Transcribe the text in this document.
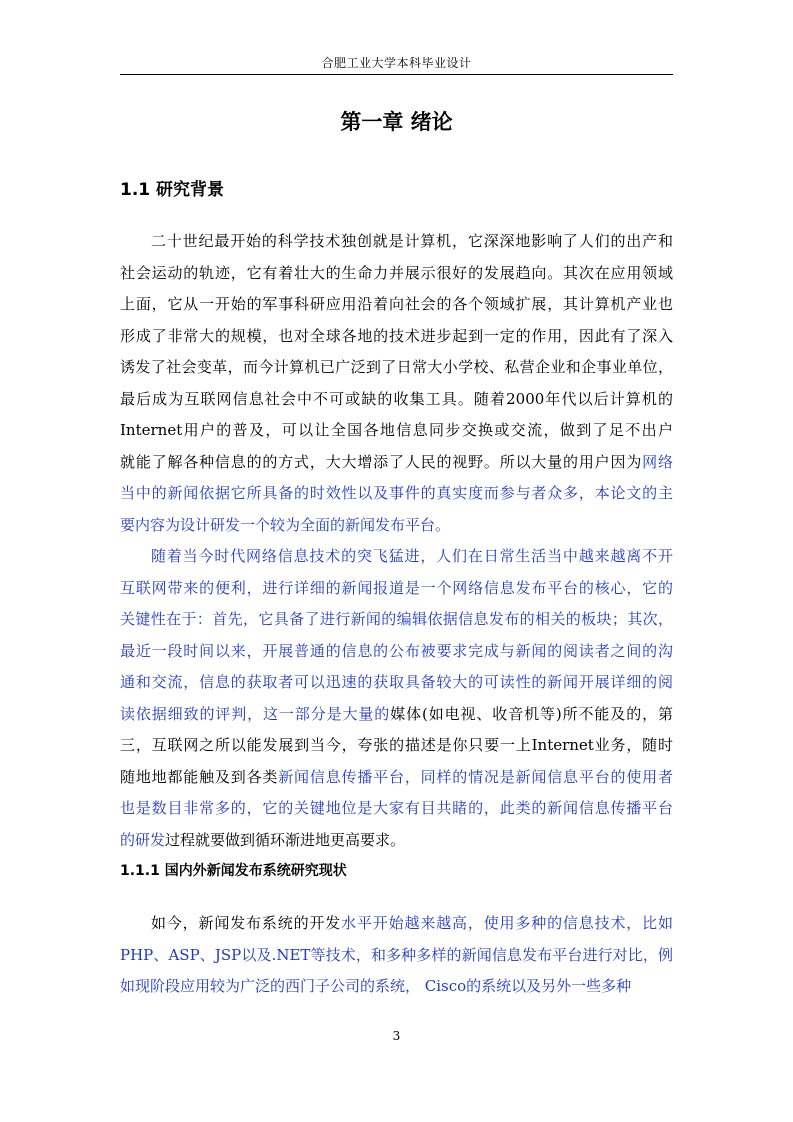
合肥工业大学本科毕业设计
第一章 绪论
1.1 研究背景
二十世纪最开始的科学技术独创就是计算机，它深深地影响了人们的出产和
社会运动的轨迹，它有着壮大的生命力并展示很好的发展趋向。其次在应用领域
上面，它从一开始的军事科研应用沿着向社会的各个领域扩展，其计算机产业也
形成了非常大的规模，也对全球各地的技术进步起到一定的作用，因此有了深入
诱发了社会变革，而今计算机已广泛到了日常大小学校、私营企业和企事业单位，
最后成为互联网信息社会中不可或缺的收集工具。随着2000年代以后计算机的
Internet用户的普及，可以让全国各地信息同步交换或交流，做到了足不出户
就能了解各种信息的的方式，大大增添了人民的视野。所以大量的用户因为网络
当中的新闻依据它所具备的时效性以及事件的真实度而参与者众多，本论文的主
要内容为设计研发一个较为全面的新闻发布平台。
随着当今时代网络信息技术的突飞猛进，人们在日常生活当中越来越离不开
互联网带来的便利，进行详细的新闻报道是一个网络信息发布平台的核心，它的
关键性在于：首先，它具备了进行新闻的编辑依据信息发布的相关的板块；其次，
最近一段时间以来，开展普通的信息的公布被要求完成与新闻的阅读者之间的沟
通和交流，信息的获取者可以迅速的获取具备较大的可读性的新闻开展详细的阅
读依据细致的评判，这一部分是大量的媒体(如电视、收音机等)所不能及的，第
三，互联网之所以能发展到当今，夸张的描述是你只要一上Internet业务，随时
随地地都能触及到各类新闻信息传播平台，同样的情况是新闻信息平台的使用者
也是数目非常多的，它的关键地位是大家有目共睹的，此类的新闻信息传播平台
的研发过程就要做到循环渐进地更高要求。
1.1.1 国内外新闻发布系统研究现状
如今，新闻发布系统的开发水平开始越来越高，使用多种的信息技术，比如
PHP、ASP、JSP以及.NET等技术，和多种多样的新闻信息发布平台进行对比，例
如现阶段应用较为广泛的西门子公司的系统， Cisco的系统以及另外一些多种
3
